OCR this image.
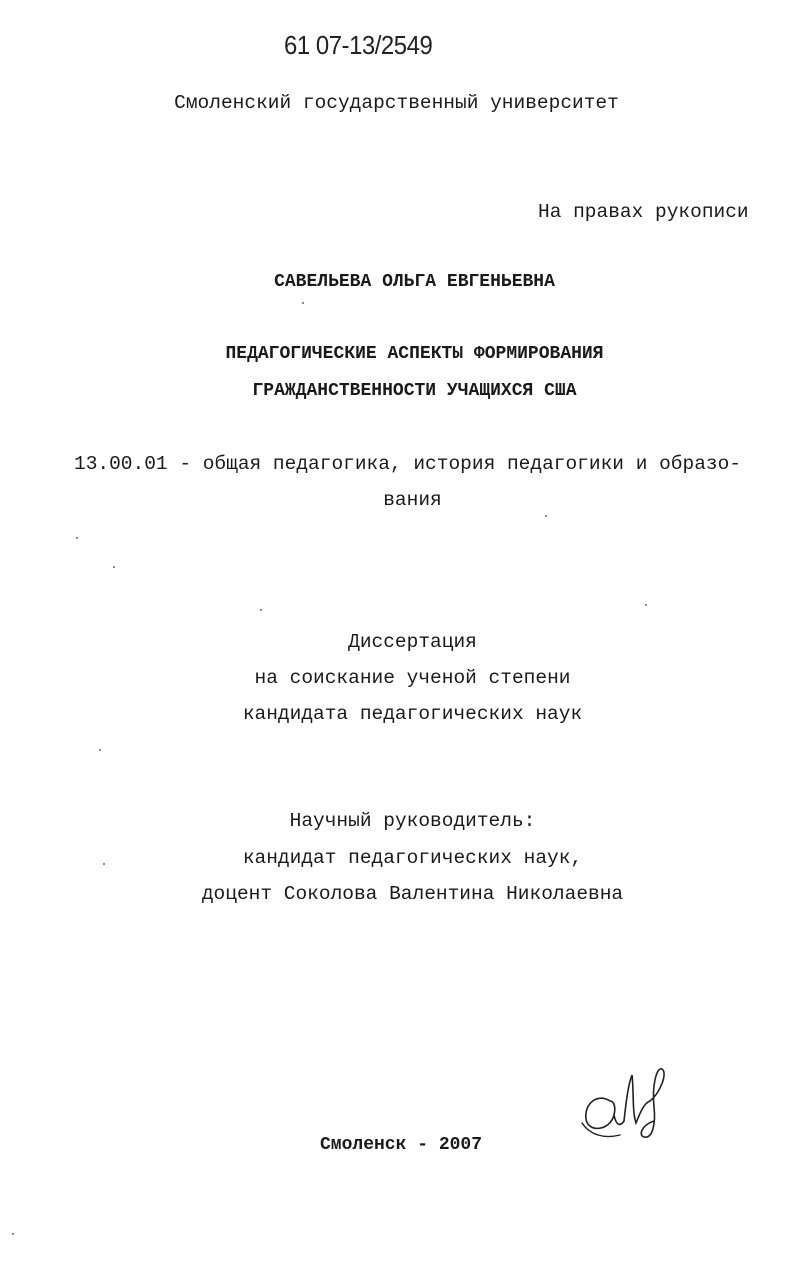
61 07-13/2549
Смоленский государственный университет
На правах рукописи
САВЕЛЬЕВА ОЛЬГА ЕВГЕНЬЕВНА
ПЕДАГОГИЧЕСКИЕ АСПЕКТЫ ФОРМИРОВАНИЯ
ГРАЖДАНСТВЕННОСТИ УЧАЩИХСЯ США
13.00.01 - общая педагогика, история педагогики и образо-
вания
Диссертация
на соискание ученой степени
кандидата педагогических наук
Научный руководитель:
кандидат педагогических наук,
доцент Соколова Валентина Николаевна
Смоленск - 2007
